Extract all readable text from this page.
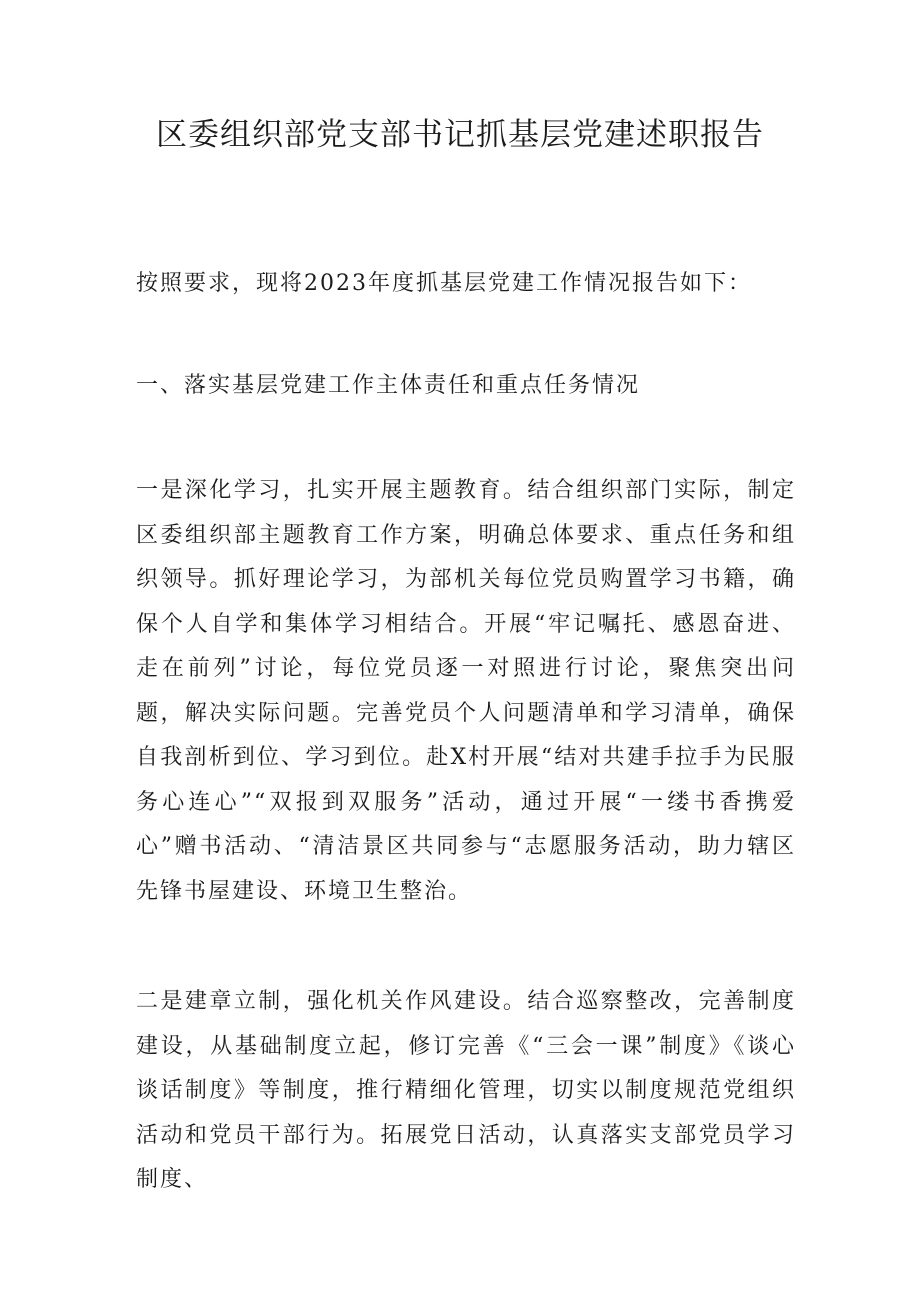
区委组织部党支部书记抓基层党建述职报告

按照要求，现将2023年度抓基层党建工作情况报告如下：

一、落实基层党建工作主体责任和重点任务情况

一是深化学习，扎实开展主题教育。结合组织部门实际，制定区委组织部主题教育工作方案，明确总体要求、重点任务和组织领导。抓好理论学习，为部机关每位党员购置学习书籍，确保个人自学和集体学习相结合。开展“牢记嘱托、感恩奋进、走在前列”讨论，每位党员逐一对照进行讨论，聚焦突出问题，解决实际问题。完善党员个人问题清单和学习清单，确保自我剖析到位、学习到位。赴X村开展“结对共建手拉手为民服务心连心”“双报到双服务”活动，通过开展“一缕书香携爱心”赠书活动、“清洁景区共同参与“志愿服务活动，助力辖区先锋书屋建设、环境卫生整治。

二是建章立制，强化机关作风建设。结合巡察整改，完善制度建设，从基础制度立起，修订完善《“三会一课”制度》《谈心谈话制度》等制度，推行精细化管理，切实以制度规范党组织活动和党员干部行为。拓展党日活动，认真落实支部党员学习制度、
